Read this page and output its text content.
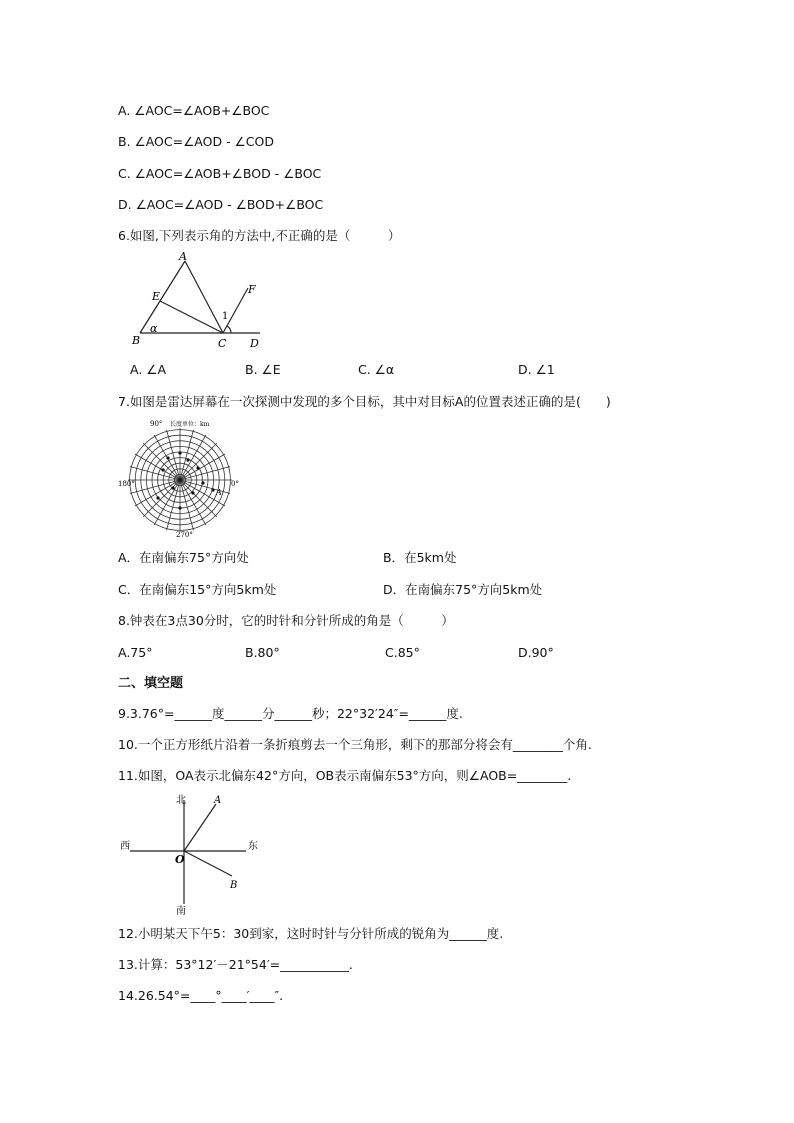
A. ∠AOC=∠AOB+∠BOC
B. ∠AOC=∠AOD - ∠COD
C. ∠AOC=∠AOB+∠BOD - ∠BOC
D. ∠AOC=∠AOD - ∠BOD+∠BOC
6.如图,下列表示角的方法中,不正确的是（　　　）
A
E
F
1
α
B	C D
A. ∠A	B. ∠E	C. ∠α	D. ∠1
7.如图是雷达屏幕在一次探测中发现的多个目标，其中对目标A的位置表述正确的是(　　)
90° 长度单位：km
180°	0°
270°
A
A．在南偏东75°方向处	B．在5km处
C．在南偏东15°方向5km处	D．在南偏东75°方向5km处
8.钟表在3点30分时，它的时针和分针所成的角是（　　　）
A.75°	B.80°	C.85°	D.90°
二、填空题
9.3.76°=______度______分______秒；22°32′24″=______度.
10.一个正方形纸片沿着一条折痕剪去一个三角形，剩下的那部分将会有________个角.
11.如图，OA表示北偏东42°方向，OB表示南偏东53°方向，则∠AOB=________.
北
西	东
南
O
A
B
12.小明某天下午5：30到家，这时时针与分针所成的锐角为______度.
13.计算：53°12′－21°54′=___________.
14.26.54°=____°____′____″.
